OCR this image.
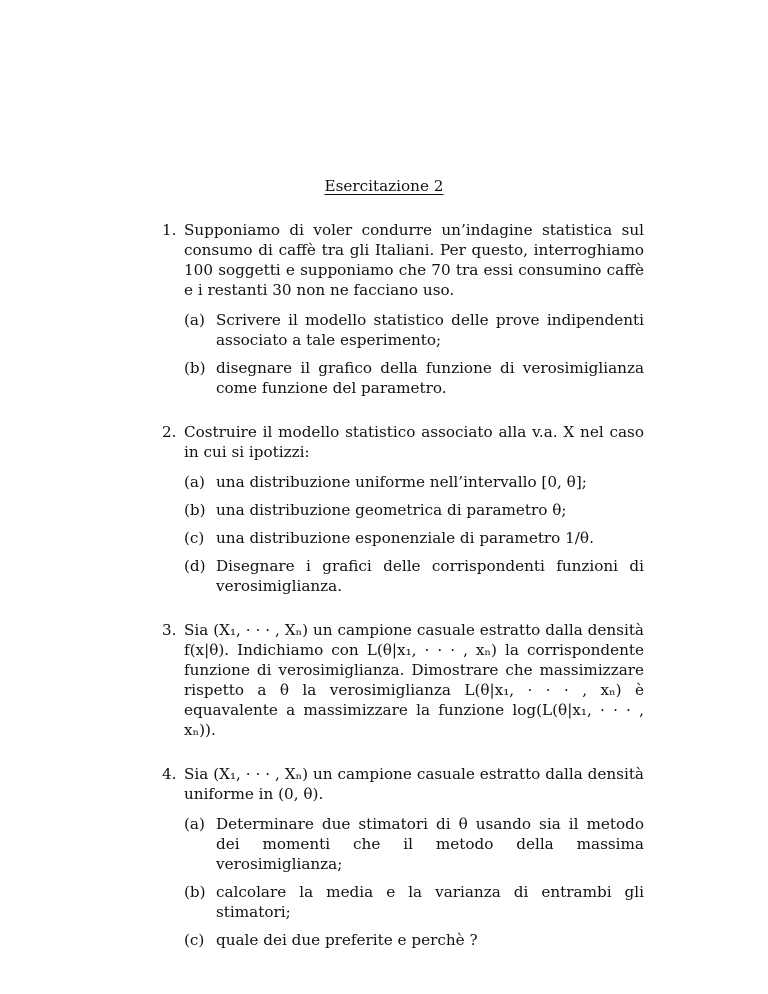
Esercitazione 2
1. Supponiamo di voler condurre un’indagine statistica sul consumo di caffè tra gli Italiani. Per questo, interroghiamo 100 soggetti e supponiamo che 70 tra essi consumino caffè e i restanti 30 non ne facciano uso.
(a) Scrivere il modello statistico delle prove indipendenti associato a tale esperimento;
(b) disegnare il grafico della funzione di verosimiglianza come funzione del parametro.
2. Costruire il modello statistico associato alla v.a. X nel caso in cui si ipotizzi:
(a) una distribuzione uniforme nell’intervallo [0, θ];
(b) una distribuzione geometrica di parametro θ;
(c) una distribuzione esponenziale di parametro 1/θ.
(d) Disegnare i grafici delle corrispondenti funzioni di verosimiglianza.
3. Sia (X₁, · · · , Xₙ) un campione casuale estratto dalla densità f(x|θ). Indichiamo con L(θ|x₁, · · · , xₙ) la corrispondente funzione di verosimiglianza. Dimostrare che massimizzare rispetto a θ la verosimiglianza L(θ|x₁, · · · , xₙ) è equavalente a massimizzare la funzione log(L(θ|x₁, · · · , xₙ)).
4. Sia (X₁, · · · , Xₙ) un campione casuale estratto dalla densità uniforme in (0, θ).
(a) Determinare due stimatori di θ usando sia il metodo dei momenti che il metodo della massima verosimiglianza;
(b) calcolare la media e la varianza di entrambi gli stimatori;
(c) quale dei due preferite e perchè ?
